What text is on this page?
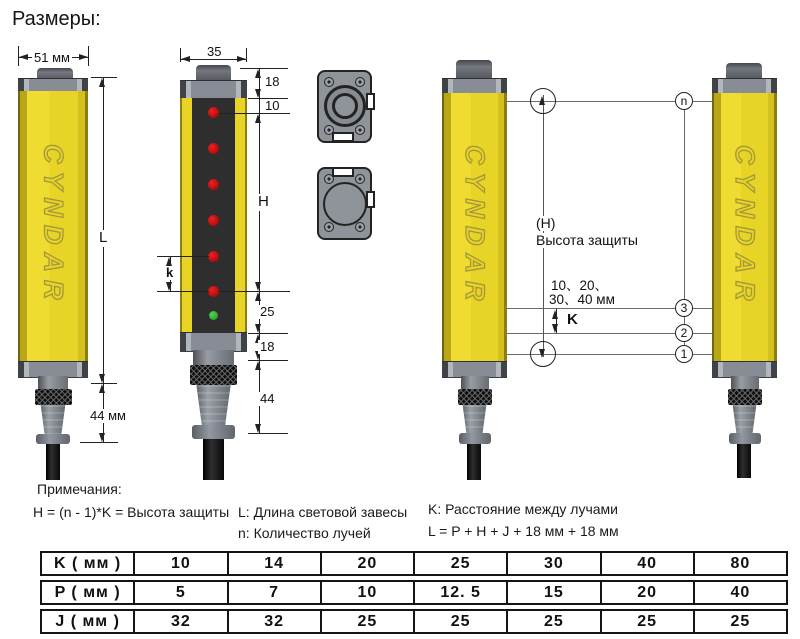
Размеры:
CYNDAR
51 мм
L
44 мм
35
18
10
H
25
18
44
k	CYNDAR	CYNDAR
n
3
2
1
K
(H)
Высота защиты
10、20、
30、40 мм
Примечания:
H = (n - 1)*K = Высота защиты L: Длина световой завесы
n: Количество лучей
K: Расстояние между лучами
L = P + H + J + 18 мм + 18 мм
K ( мм )	10	14	20	25	30	40	80
P ( мм )	5	7	10	12. 5	15	20	40
J ( мм )	32	32	25	25	25	25	25
